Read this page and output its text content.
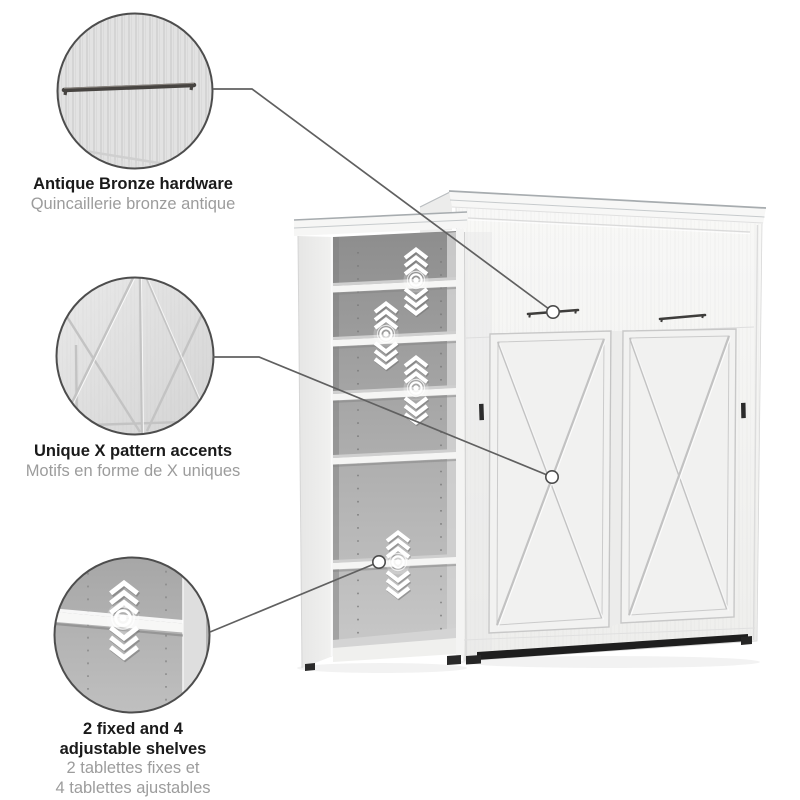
Antique Bronze hardware
Quincaillerie bronze antique
Unique X pattern accents
Motifs en forme de X uniques
2 fixed and 4
adjustable shelves
2 tablettes fixes et
4 tablettes ajustables
